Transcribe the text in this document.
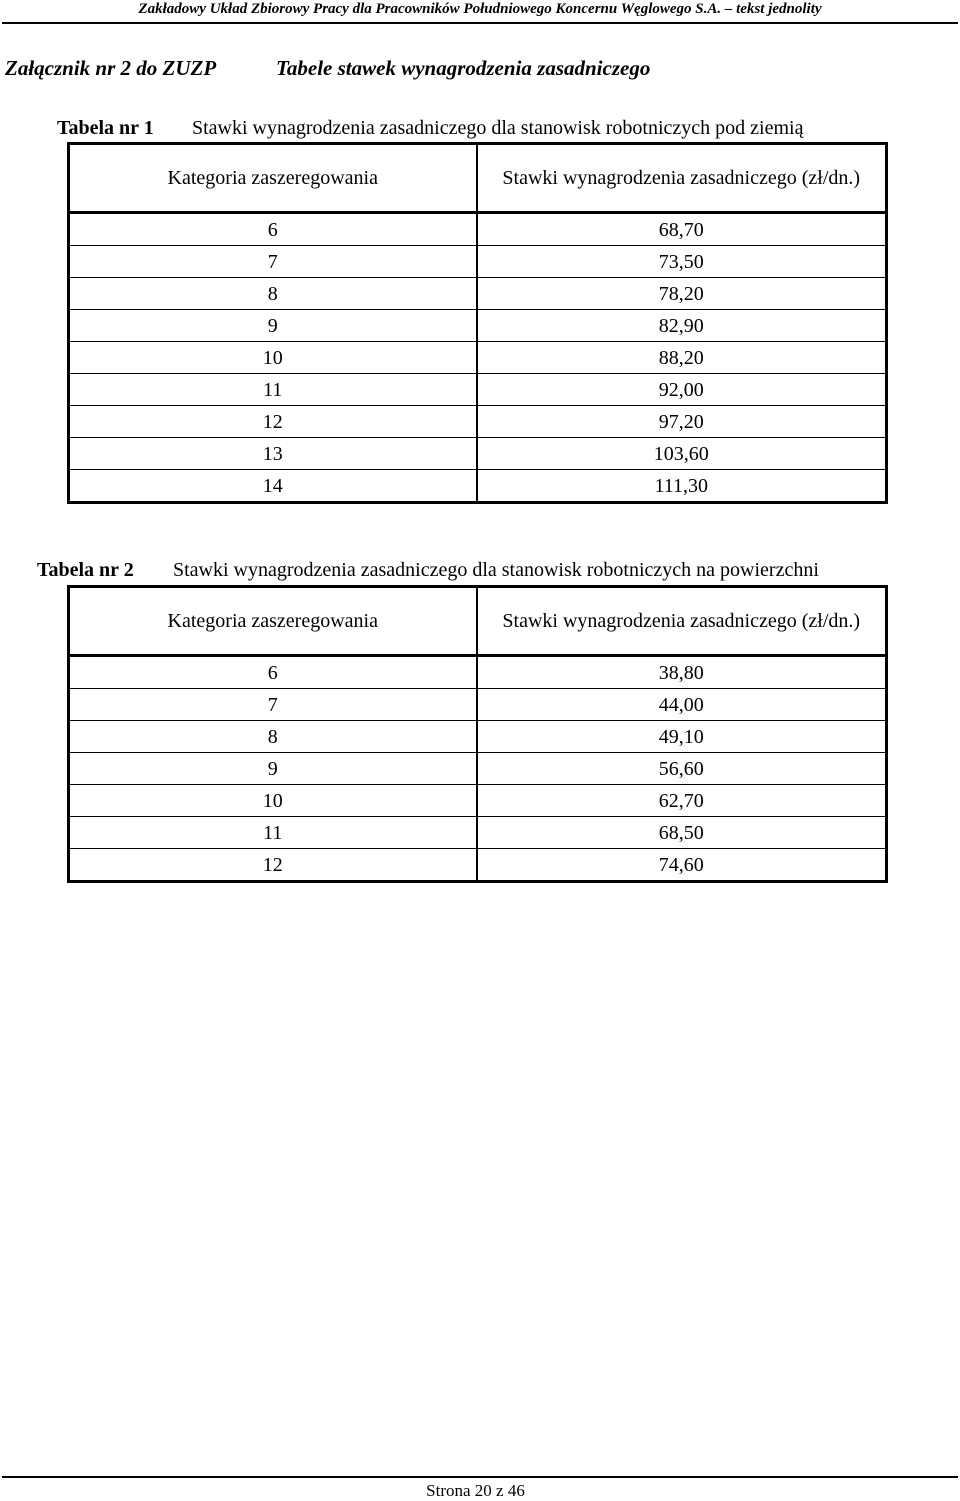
Zakładowy Układ Zbiorowy Pracy dla Pracowników Południowego Koncernu Węglowego S.A. – tekst jednolity
Załącznik nr 2 do ZUZP	Tabele stawek wynagrodzenia zasadniczego
Tabela nr 1 Stawki wynagrodzenia zasadniczego dla stanowisk robotniczych pod ziemią
Kategoria zaszeregowania	Stawki wynagrodzenia zasadniczego (zł/dn.)
6	68,70
7	73,50
8	78,20
9	82,90
10	88,20
11	92,00
12	97,20
13	103,60
14	111,30
Tabela nr 2 Stawki wynagrodzenia zasadniczego dla stanowisk robotniczych na powierzchni
Kategoria zaszeregowania	Stawki wynagrodzenia zasadniczego (zł/dn.)
6	38,80
7	44,00
8	49,10
9	56,60
10	62,70
11	68,50
12	74,60
Strona 20 z 46
